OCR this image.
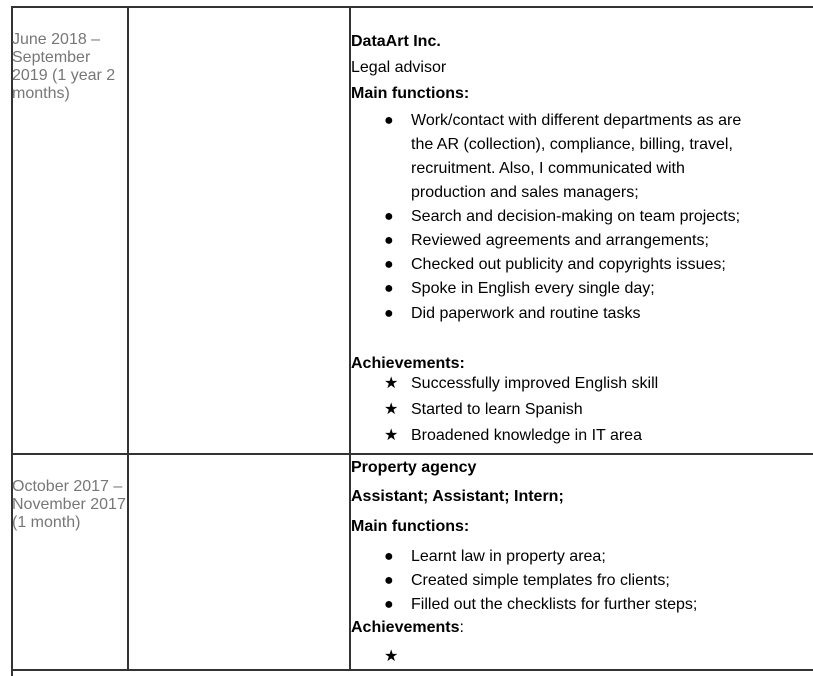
June 2018 – September 2019 (1 year 2 months)
DataArt Inc.
Legal advisor
Main functions:
● Work/contact with different departments as are
the AR (collection), compliance, billing, travel,
recruitment. Also, I communicated with
production and sales managers;
● Search and decision-making on team projects;
● Reviewed agreements and arrangements;
● Checked out publicity and copyrights issues;
● Spoke in English every single day;
● Did paperwork and routine tasks
Achievements:
★ Successfully improved English skill
★ Started to learn Spanish
★ Broadened knowledge in IT area
October 2017 – November 2017 (1 month)
Property agency
Assistant; Assistant; Intern;
Main functions:
● Learnt law in property area;
● Created simple templates fro clients;
● Filled out the checklists for further steps;
Achievements:
★
